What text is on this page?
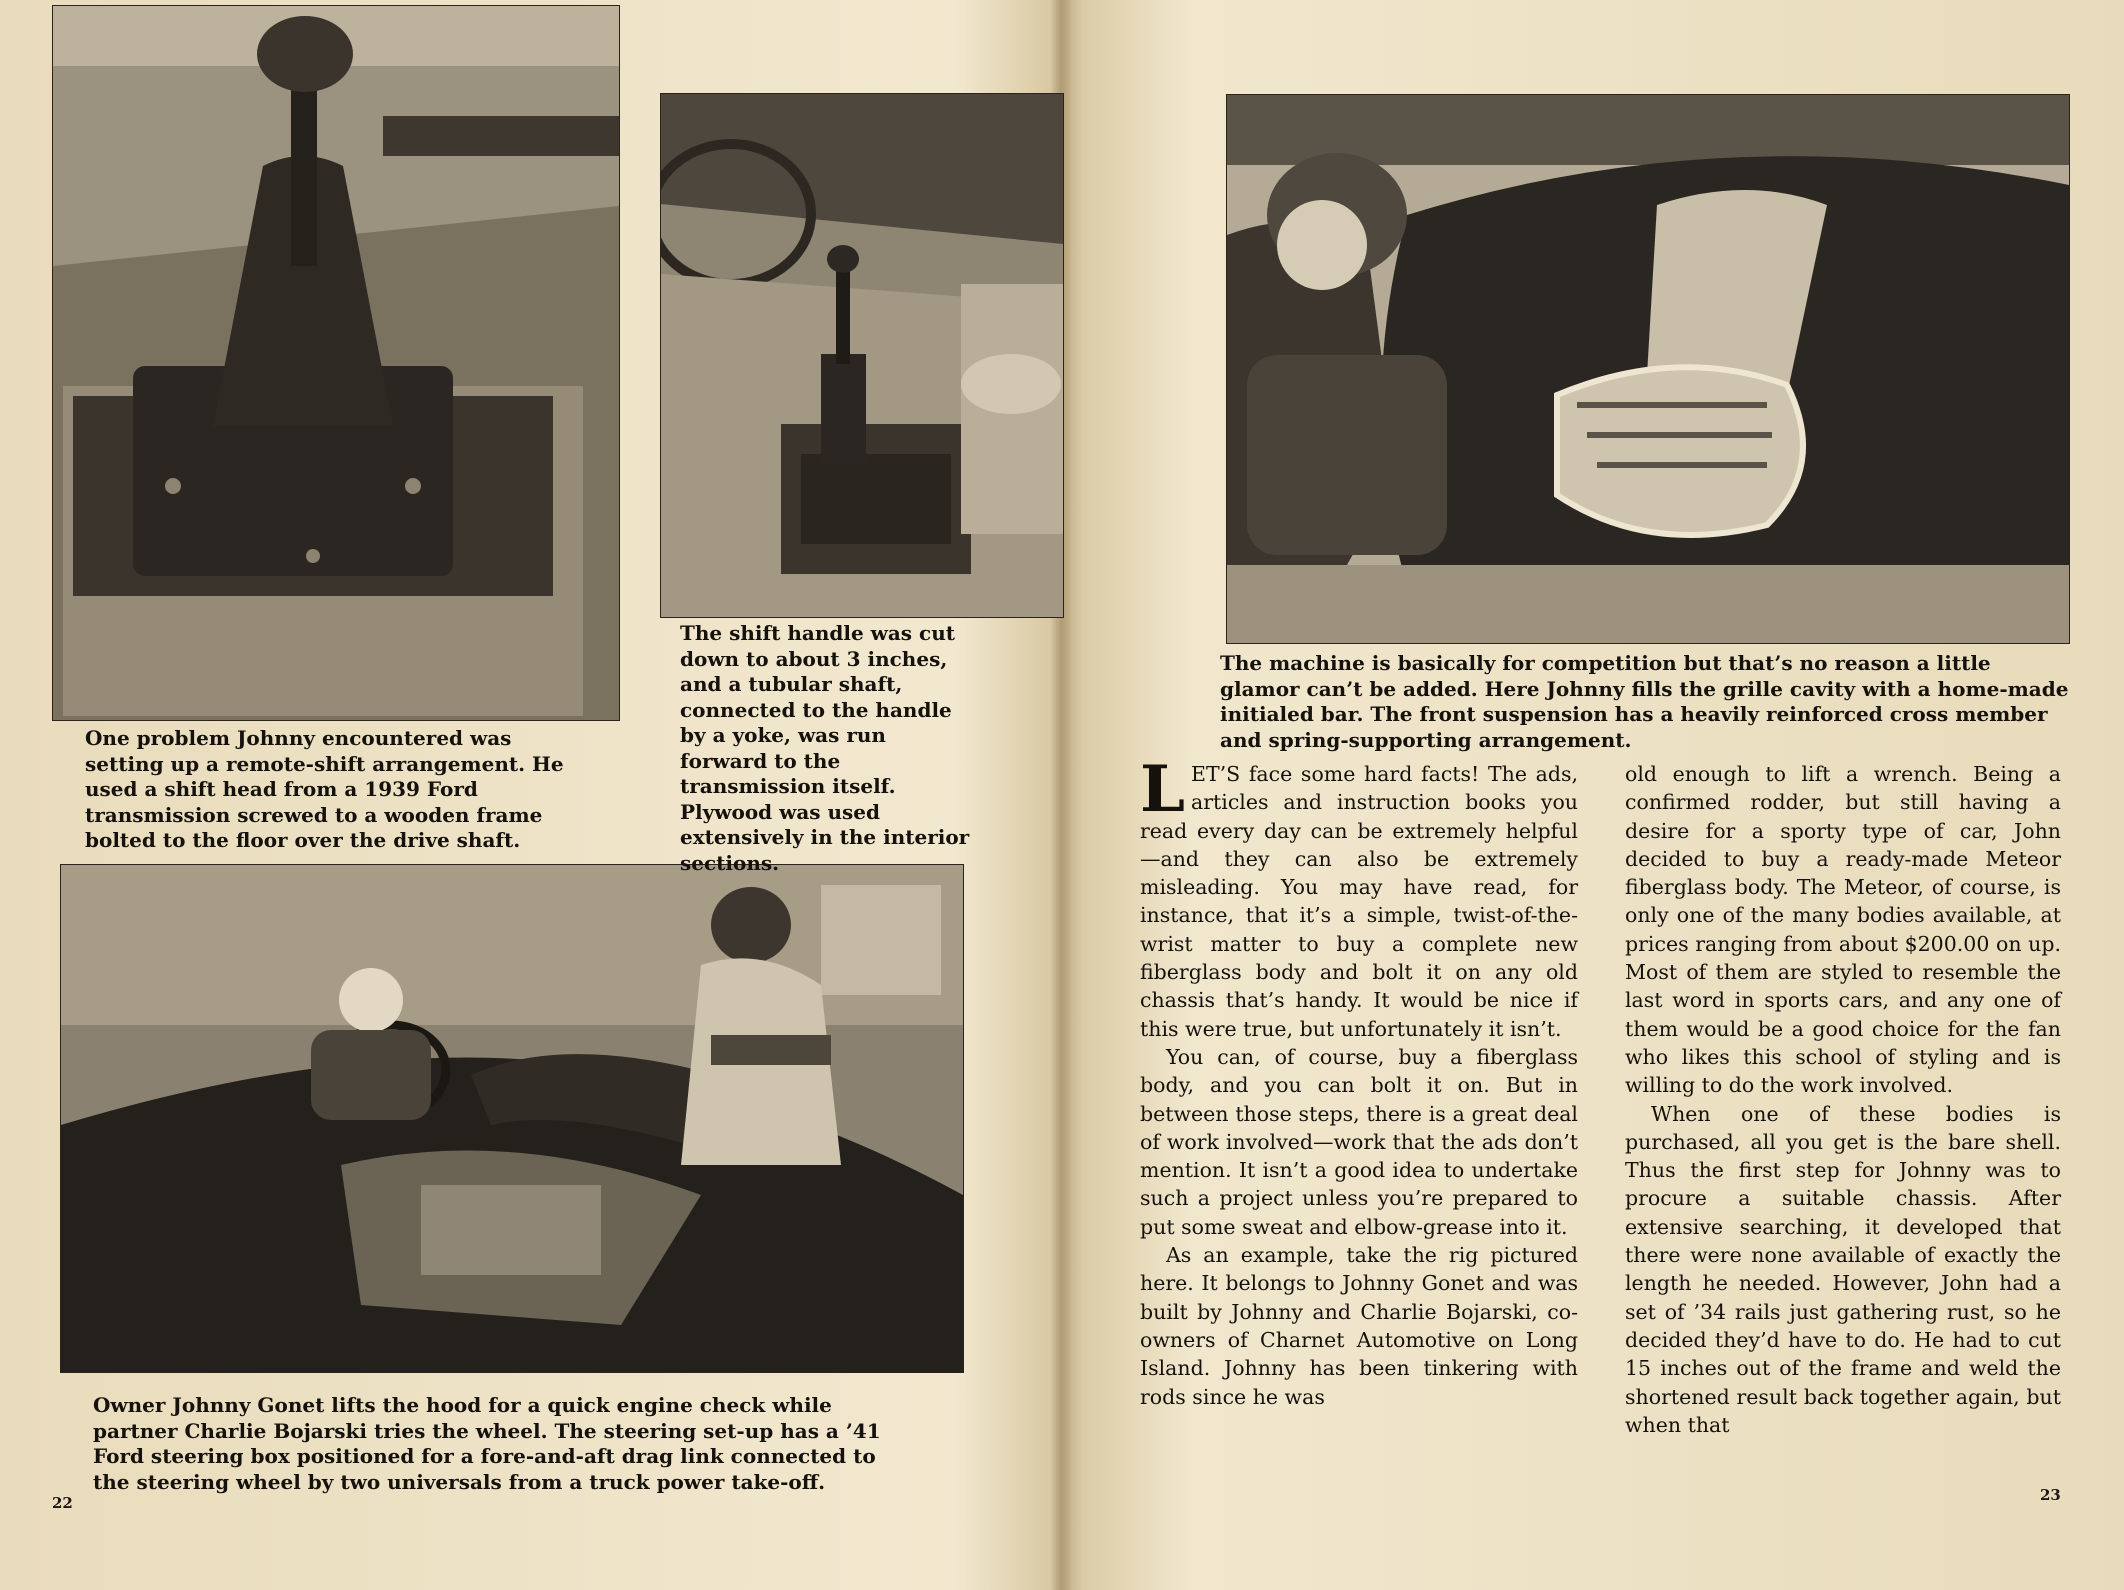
One problem Johnny encountered was setting up a remote-shift arrangement. He used a shift head from a 1939 Ford transmission screwed to a wooden frame bolted to the floor over the drive shaft.

The shift handle was cut down to about 3 inches, and a tubular shaft, connected to the handle by a yoke, was run forward to the transmission itself. Plywood was used extensively in the interior sections.

Owner Johnny Gonet lifts the hood for a quick engine check while partner Charlie Bojarski tries the wheel. The steering set-up has a ’41 Ford steering box positioned for a fore-and-aft drag link connected to the steering wheel by two universals from a truck power take-off.

The machine is basically for competition but that’s no reason a little glamor can’t be added. Here Johnny fills the grille cavity with a home-made initialed bar. The front suspension has a heavily reinforced cross member and spring-supporting arrangement.

LET’S face some hard facts! The ads, articles and instruction books you read every day can be extremely helpful—and they can also be extremely misleading. You may have read, for instance, that it’s a simple, twist-of-the-wrist matter to buy a complete new fiberglass body and bolt it on any old chassis that’s handy. It would be nice if this were true, but unfortunately it isn’t.

You can, of course, buy a fiberglass body, and you can bolt it on. But in between those steps, there is a great deal of work involved—work that the ads don’t mention. It isn’t a good idea to undertake such a project unless you’re prepared to put some sweat and elbow-grease into it.

As an example, take the rig pictured here. It belongs to Johnny Gonet and was built by Johnny and Charlie Bojarski, co-owners of Charnet Automotive on Long Island. Johnny has been tinkering with rods since he was

old enough to lift a wrench. Being a confirmed rodder, but still having a desire for a sporty type of car, John decided to buy a ready-made Meteor fiberglass body. The Meteor, of course, is only one of the many bodies available, at prices ranging from about $200.00 on up. Most of them are styled to resemble the last word in sports cars, and any one of them would be a good choice for the fan who likes this school of styling and is willing to do the work involved.

When one of these bodies is purchased, all you get is the bare shell. Thus the first step for Johnny was to procure a suitable chassis. After extensive searching, it developed that there were none available of exactly the length he needed. However, John had a set of ’34 rails just gathering rust, so he decided they’d have to do. He had to cut 15 inches out of the frame and weld the shortened result back together again, but when that

22	23
